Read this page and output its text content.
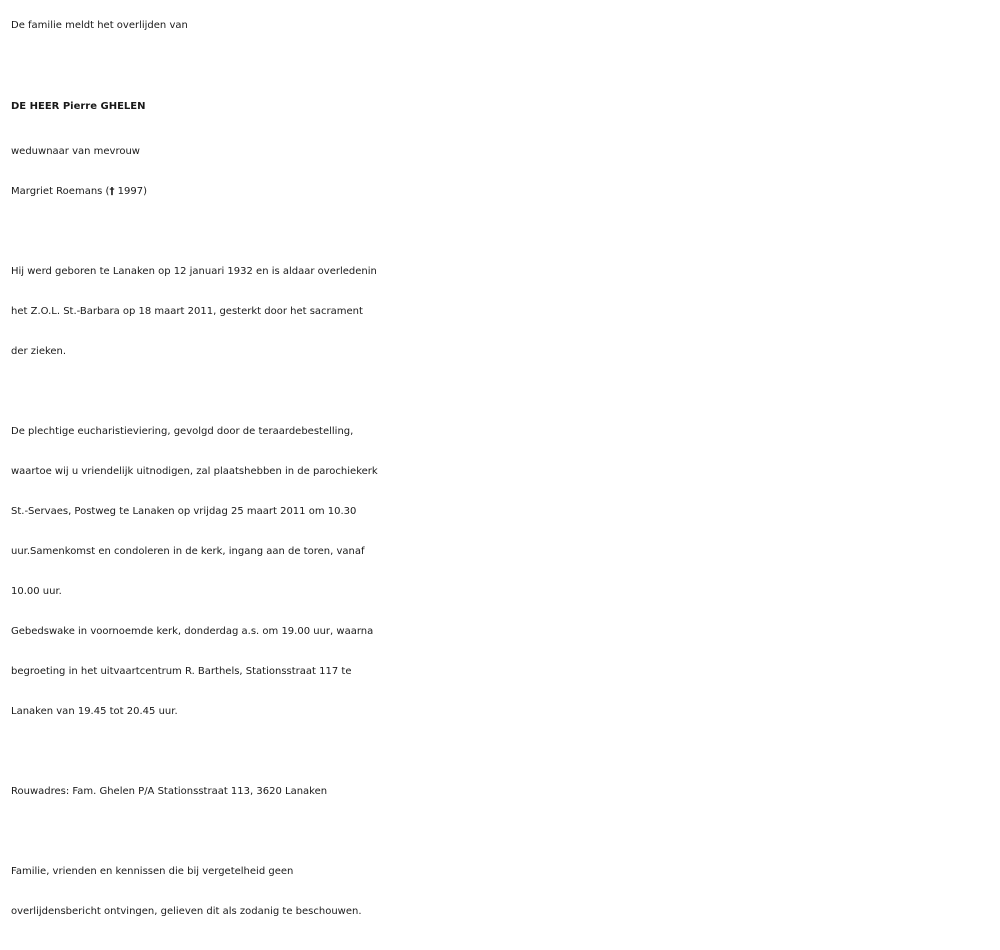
De familie meldt het overlijden van
DE HEER Pierre GHELEN
weduwnaar van mevrouw
Margriet Roemans († 1997)
Hij werd geboren te Lanaken op 12 januari 1932 en is aldaar overledenin
het Z.O.L. St.-Barbara op 18 maart 2011, gesterkt door het sacrament
der zieken.
De plechtige eucharistieviering, gevolgd door de teraardebestelling,
waartoe wij u vriendelijk uitnodigen, zal plaatshebben in de parochiekerk
St.-Servaes, Postweg te Lanaken op vrijdag 25 maart 2011 om 10.30
uur.Samenkomst en condoleren in de kerk, ingang aan de toren, vanaf
10.00 uur.
Gebedswake in voornoemde kerk, donderdag a.s. om 19.00 uur, waarna
begroeting in het uitvaartcentrum R. Barthels, Stationsstraat 117 te
Lanaken van 19.45 tot 20.45 uur.
Rouwadres: Fam. Ghelen P/A Stationsstraat 113, 3620 Lanaken
Familie, vrienden en kennissen die bij vergetelheid geen
overlijdensbericht ontvingen, gelieven dit als zodanig te beschouwen.
